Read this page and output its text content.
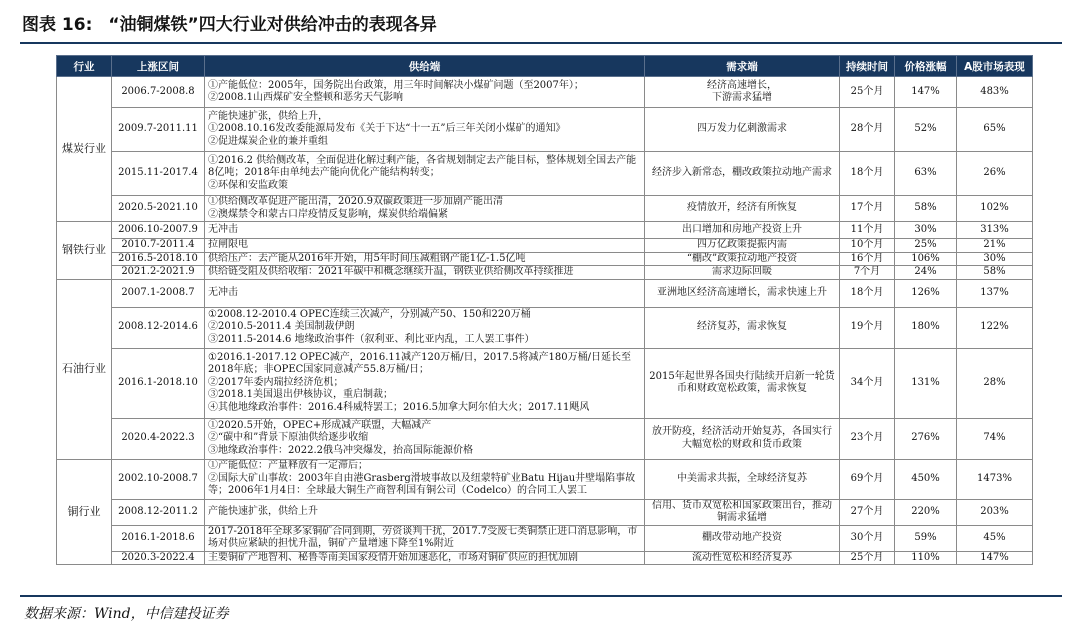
图表 16: “油铜煤铁”四大行业对供给冲击的表现各异
行业	上涨区间	供给端	需求端	持续时间	价格涨幅	A股市场表现
煤炭行业	2006.7-2008.8	①产能低位：2005年，国务院出台政策，用三年时间解决小煤矿问题（至2007年）；
②2008.1山西煤矿安全整顿和恶劣天气影响	经济高速增长，
下游需求猛增	25个月	147%	483%
	2009.7-2011.11	产能快速扩张，供给上升，
①2008.10.16发改委能源局发布《关于下达“十一五”后三年关闭小煤矿的通知》
②促进煤炭企业的兼并重组	四万发力亿刺激需求	28个月	52%	65%
	2015.11-2017.4	①2016.2 供给侧改革，全面促进化解过剩产能，各省规划制定去产能目标，整体规划全国去产能8亿吨；2018年由单纯去产能向优化产能结构转变；
②环保和安监政策	经济步入新常态，棚改政策拉动地产需求	18个月	63%	26%
	2020.5-2021.10	①供给侧改革促进产能出清，2020.9双碳政策进一步加剧产能出清
②澳煤禁令和蒙古口岸疫情反复影响，煤炭供给端偏紧	疫情放开，经济有所恢复	17个月	58%	102%
钢铁行业	2006.10-2007.9	无冲击	出口增加和房地产投资上升	11个月	30%	313%
	2010.7-2011.4	拉闸限电	四万亿政策提振内需	10个月	25%	21%
	2016.5-2018.10	供给压产：去产能从2016年开始，用5年时间压减粗钢产能1亿-1.5亿吨	“棚改”政策拉动地产投资	16个月	106%	30%
	2021.2-2021.9	供给链受阻及供给收缩：2021年碳中和概念继续升温，钢铁业供给侧改革持续推进	需求边际回暖	7个月	24%	58%
石油行业	2007.1-2008.7	无冲击	亚洲地区经济高速增长，需求快速上升	18个月	126%	137%
	2008.12-2014.6	①2008.12-2010.4 OPEC连续三次减产，分别减产50、150和220万桶
②2010.5-2011.4 美国制裁伊朗
③2011.5-2014.6 地缘政治事件（叙利亚、利比亚内乱，工人罢工事件）	经济复苏，需求恢复	19个月	180%	122%
	2016.1-2018.10	①2016.1-2017.12 OPEC减产，2016.11减产120万桶/日，2017.5将减产180万桶/日延长至2018年底；非OPEC国家同意减产55.8万桶/日；
②2017年委内瑞拉经济危机；
③2018.1美国退出伊核协议，重启制裁；
④其他地缘政治事件：2016.4科威特罢工；2016.5加拿大阿尔伯大火；2017.11飓风	2015年起世界各国央行陆续开启新一轮货币和财政宽松政策，需求恢复	34个月	131%	28%
	2020.4-2022.3	①2020.5开始，OPEC+形成减产联盟，大幅减产
②“碳中和”背景下原油供给逐步收缩
③地缘政治事件：2022.2俄乌冲突爆发，抬高国际能源价格	放开防疫，经济活动开始复苏，各国实行大幅宽松的财政和货币政策	23个月	276%	74%
铜行业	2002.10-2008.7	①产能低位：产量释放有一定滞后；
②国际大矿山事故：2003年自由港Grasberg滑坡事故以及纽蒙特矿业Batu Hijau井壁塌陷事故等；2006年1月4日：全球最大铜生产商智利国有铜公司（Codelco）的合同工人罢工	中美需求共振，全球经济复苏	69个月	450%	1473%
	2008.12-2011.2	产能快速扩张，供给上升	信用、货币双宽松和国家政策出台，推动铜需求猛增	27个月	220%	203%
	2016.1-2018.6	2017-2018年全球多家铜矿合同到期，劳资谈判干扰，2017.7受废七类铜禁止进口消息影响，市场对供应紧缺的担忧升温，铜矿产量增速下降至1%附近	棚改带动地产投资	30个月	59%	45%
	2020.3-2022.4	主要铜矿产地智利、秘鲁等南美国家疫情开始加速恶化，市场对铜矿供应的担忧加剧	流动性宽松和经济复苏	25个月	110%	147%
数据来源：Wind，中信建投证券
